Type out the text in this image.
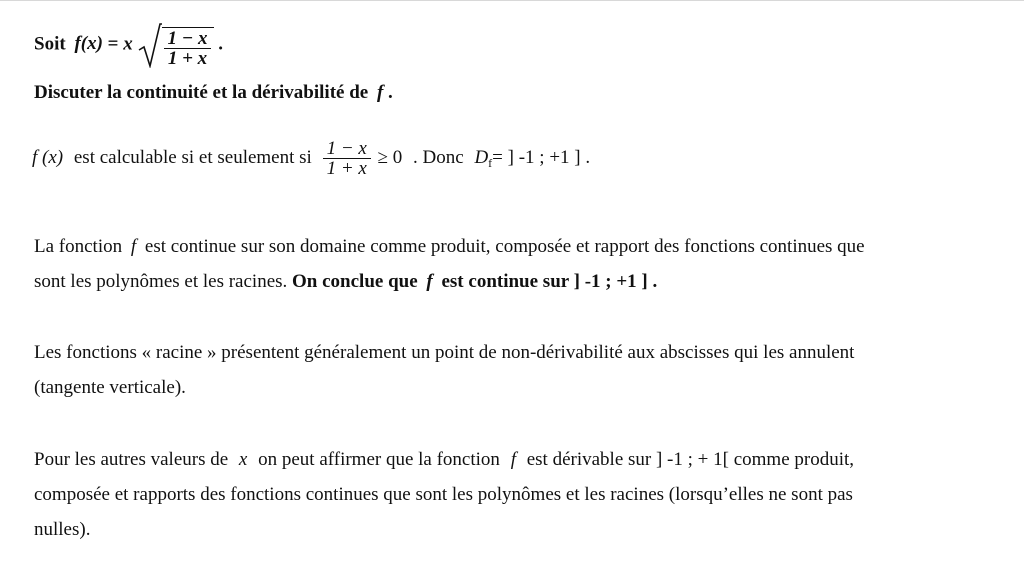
Soit f(x) = x $\frac{1 - x}{1 + x}$ .
Discuter la continuité et la dérivabilité de f .
f (x) est calculable si et seulement si $\frac{1 - x}{1 + x} \ge 0$ . Donc $D_f=$ ] -1 ; +1 ] .
La fonction f est continue sur son domaine comme produit, composée et rapport des fonctions continues que
sont les polynômes et les racines. On conclue que f est continue sur ] -1 ; +1 ] .
Les fonctions « racine » présentent généralement un point de non-dérivabilité aux abscisses qui les annulent
(tangente verticale).
Pour les autres valeurs de x on peut affirmer que la fonction f est dérivable sur ] -1 ; + 1[ comme produit,
composée et rapports des fonctions continues que sont les polynômes et les racines (lorsqu’elles ne sont pas
nulles).
